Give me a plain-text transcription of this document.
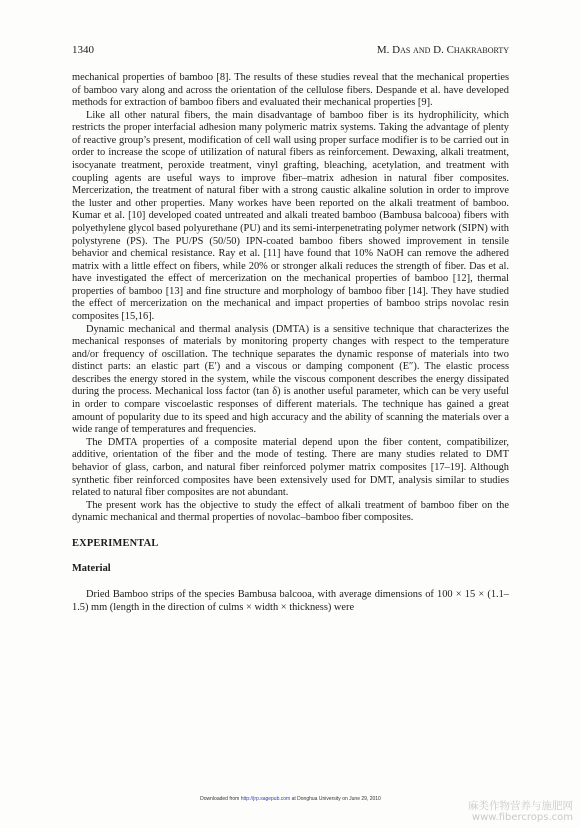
1340	M. Das and D. Chakraborty

mechanical properties of bamboo [8]. The results of these studies reveal that the mechanical properties of bamboo vary along and across the orientation of the cellulose fibers. Despande et al. have developed methods for extraction of bamboo fibers and evaluated their mechanical properties [9].

Like all other natural fibers, the main disadvantage of bamboo fiber is its hydrophilicity, which restricts the proper interfacial adhesion many polymeric matrix systems. Taking the advantage of plenty of reactive group’s present, modification of cell wall using proper surface modifier is to be carried out in order to increase the scope of utilization of natural fibers as reinforcement. Dewaxing, alkali treatment, isocyanate treatment, peroxide treatment, vinyl grafting, bleaching, acetylation, and treatment with coupling agents are useful ways to improve fiber–matrix adhesion in natural fiber composites. Mercerization, the treatment of natural fiber with a strong caustic alkaline solution in order to improve the luster and other properties. Many workes have been reported on the alkali treatment of bamboo. Kumar et al. [10] developed coated untreated and alkali treated bamboo (Bambusa balcooa) fibers with polyethylene glycol based polyurethane (PU) and its semi-interpenetrating polymer network (SIPN) with polystyrene (PS). The PU/PS (50/50) IPN-coated bamboo fibers showed improvement in tensile behavior and chemical resistance. Ray et al. [11] have found that 10% NaOH can remove the adhered matrix with a little effect on fibers, while 20% or stronger alkali reduces the strength of fiber. Das et al. have investigated the effect of mercerization on the mechanical properties of bamboo [12], thermal properties of bamboo [13] and fine structure and morphology of bamboo fiber [14]. They have studied the effect of mercerization on the mechanical and impact properties of bamboo strips novolac resin composites [15,16].

Dynamic mechanical and thermal analysis (DMTA) is a sensitive technique that characterizes the mechanical responses of materials by monitoring property changes with respect to the temperature and/or frequency of oscillation. The technique separates the dynamic response of materials into two distinct parts: an elastic part (E′) and a viscous or damping component (E″). The elastic process describes the energy stored in the system, while the viscous component describes the energy dissipated during the process. Mechanical loss factor (tan δ) is another useful parameter, which can be very useful in order to compare viscoelastic responses of different materials. The technique has gained a great amount of popularity due to its speed and high accuracy and the ability of scanning the materials over a wide range of temperatures and frequencies.

The DMTA properties of a composite material depend upon the fiber content, compatibilizer, additive, orientation of the fiber and the mode of testing. There are many studies related to DMT behavior of glass, carbon, and natural fiber reinforced polymer matrix composites [17–19]. Although synthetic fiber reinforced composites have been extensively used for DMT, analysis similar to studies related to natural fiber composites are not abundant.

The present work has the objective to study the effect of alkali treatment of bamboo fiber on the dynamic mechanical and thermal properties of novolac–bamboo fiber composites.

EXPERIMENTAL

Material

Dried Bamboo strips of the species Bambusa balcooa, with average dimensions of 100 × 15 × (1.1–1.5) mm (length in the direction of culms × width × thickness) were

Downloaded from http://jrp.sagepub.com at Donghua University on June 29, 2010
麻类作物营养与施肥网
www.fibercrops.com
